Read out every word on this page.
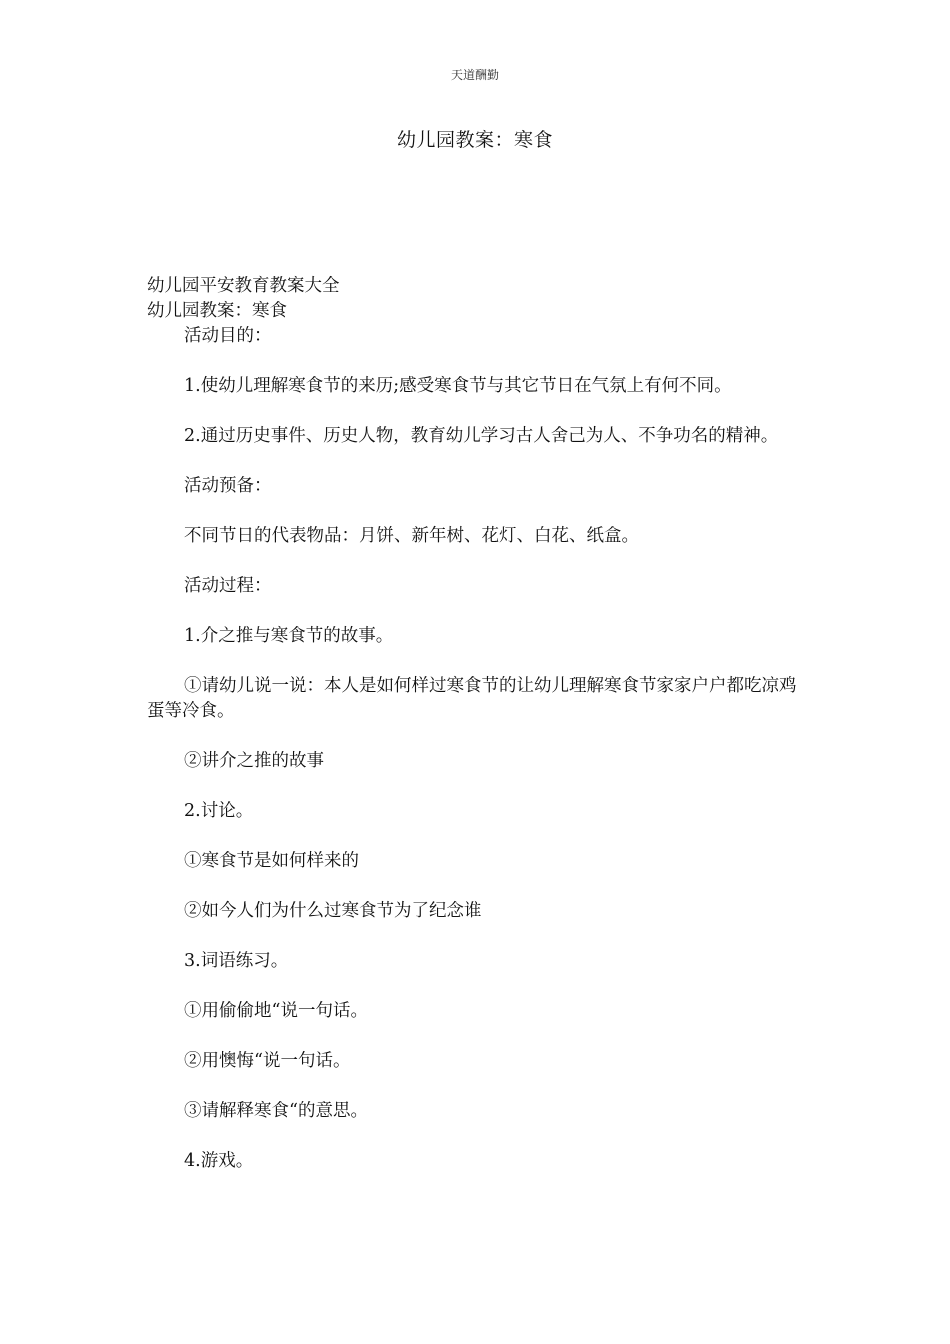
天道酬勤
幼儿园教案：寒食

幼儿园平安教育教案大全

幼儿园教案：寒食

活动目的：

1.使幼儿理解寒食节的来历;感受寒食节与其它节日在气氛上有何不同。

2.通过历史事件、历史人物，教育幼儿学习古人舍己为人、不争功名的精神。

活动预备：

不同节日的代表物品：月饼、新年树、花灯、白花、纸盒。

活动过程：

1.介之推与寒食节的故事。

①请幼儿说一说：本人是如何样过寒食节的让幼儿理解寒食节家家户户都吃凉鸡蛋等冷食。

②讲介之推的故事

2.讨论。

①寒食节是如何样来的

②如今人们为什么过寒食节为了纪念谁

3.词语练习。

①用偷偷地“说一句话。

②用懊悔“说一句话。

③请解释寒食“的意思。

4.游戏。
